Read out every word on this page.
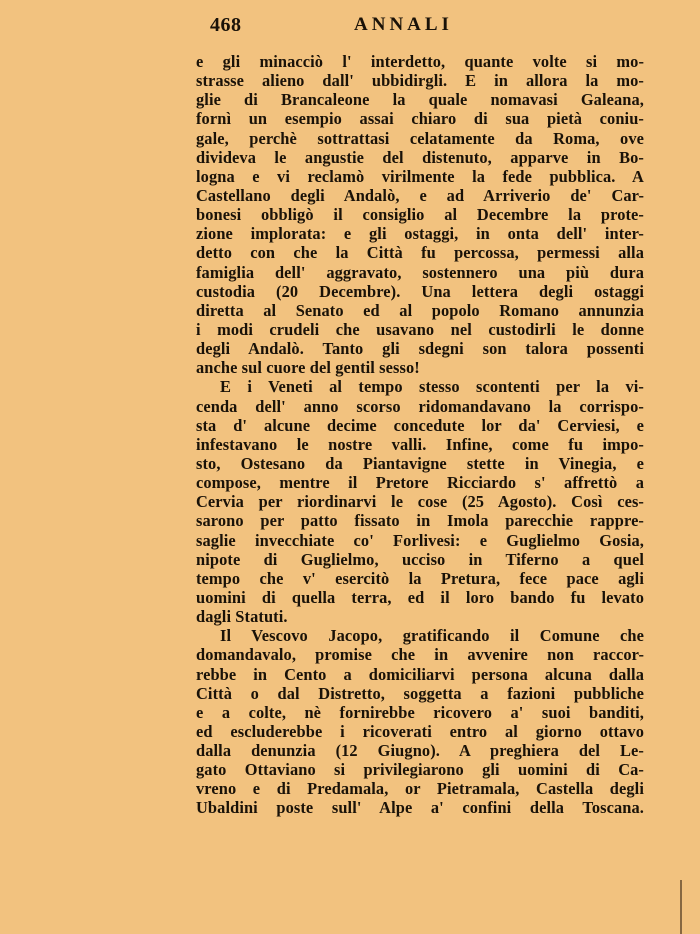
468	ANNALI
e gli minacciò l' interdetto, quante volte si mo-
strasse alieno dall' ubbidirgli. E in allora la mo-
glie di Brancaleone la quale nomavasi Galeana,
fornì un esempio assai chiaro di sua pietà coniu-
gale, perchè sottrattasi celatamente da Roma, ove
divideva le angustie del distenuto, apparve in Bo-
logna e vi reclamò virilmente la fede pubblica. A
Castellano degli Andalò, e ad Arriverio de' Car-
bonesi obbligò il consiglio al Decembre la prote-
zione implorata: e gli ostaggi, in onta dell' inter-
detto con che la Città fu percossa, permessi alla
famiglia dell' aggravato, sostennero una più dura
custodia (20 Decembre). Una lettera degli ostaggi
diretta al Senato ed al popolo Romano annunzia
i modi crudeli che usavano nel custodirli le donne
degli Andalò. Tanto gli sdegni son talora possenti
anche sul cuore del gentil sesso!
E i Veneti al tempo stesso scontenti per la vi-
cenda dell' anno scorso ridomandavano la corrispo-
sta d' alcune decime concedute lor da' Cerviesi, e
infestavano le nostre valli. Infine, come fu impo-
sto, Ostesano da Piantavigne stette in Vinegia, e
compose, mentre il Pretore Ricciardo s' affrettò a
Cervia per riordinarvi le cose (25 Agosto). Così ces-
sarono per patto fissato in Imola parecchie rappre-
saglie invecchiate co' Forlivesi: e Guglielmo Gosia,
nipote di Guglielmo, ucciso in Tiferno a quel
tempo che v' esercitò la Pretura, fece pace agli
uomini di quella terra, ed il loro bando fu levato
dagli Statuti.
Il Vescovo Jacopo, gratificando il Comune che
domandavalo, promise che in avvenire non raccor-
rebbe in Cento a domiciliarvi persona alcuna dalla
Città o dal Distretto, soggetta a fazioni pubbliche
e a colte, nè fornirebbe ricovero a' suoi banditi,
ed escluderebbe i ricoverati entro al giorno ottavo
dalla denunzia (12 Giugno). A preghiera del Le-
gato Ottaviano si privilegiarono gli uomini di Ca-
vreno e di Predamala, or Pietramala, Castella degli
Ubaldini poste sull' Alpe a' confini della Toscana.
